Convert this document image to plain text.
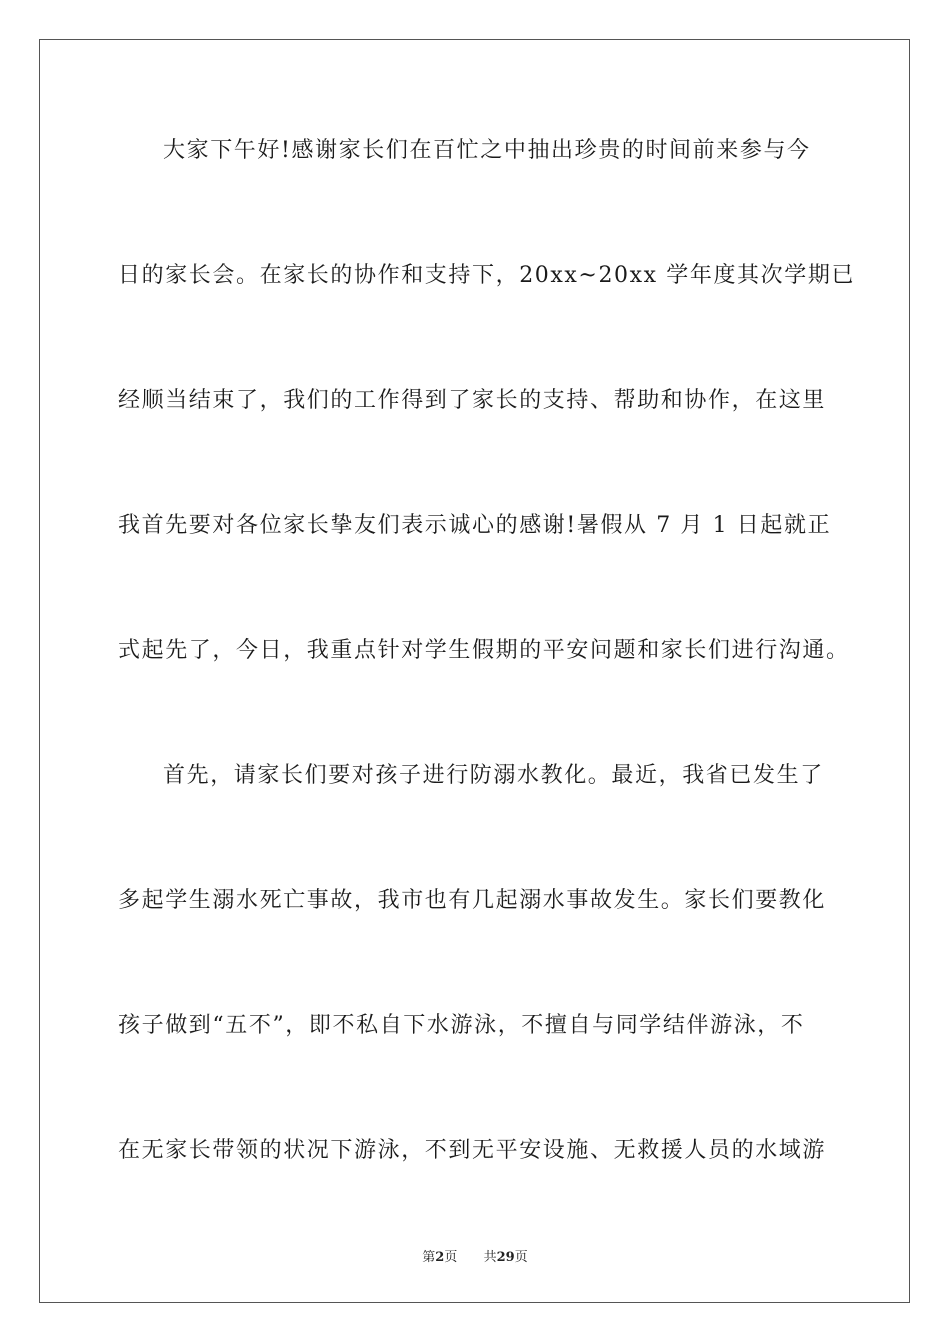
大家下午好!感谢家长们在百忙之中抽出珍贵的时间前来参与今
日的家长会。在家长的协作和支持下，20xx~20xx 学年度其次学期已
经顺当结束了，我们的工作得到了家长的支持、帮助和协作，在这里
我首先要对各位家长挚友们表示诚心的感谢!暑假从 7 月 1 日起就正
式起先了，今日，我重点针对学生假期的平安问题和家长们进行沟通。
首先，请家长们要对孩子进行防溺水教化。最近，我省已发生了
多起学生溺水死亡事故，我市也有几起溺水事故发生。家长们要教化
孩子做到“五不”，即不私自下水游泳，不擅自与同学结伴游泳，不
在无家长带领的状况下游泳，不到无平安设施、无救援人员的水域游
第2页 共29页
